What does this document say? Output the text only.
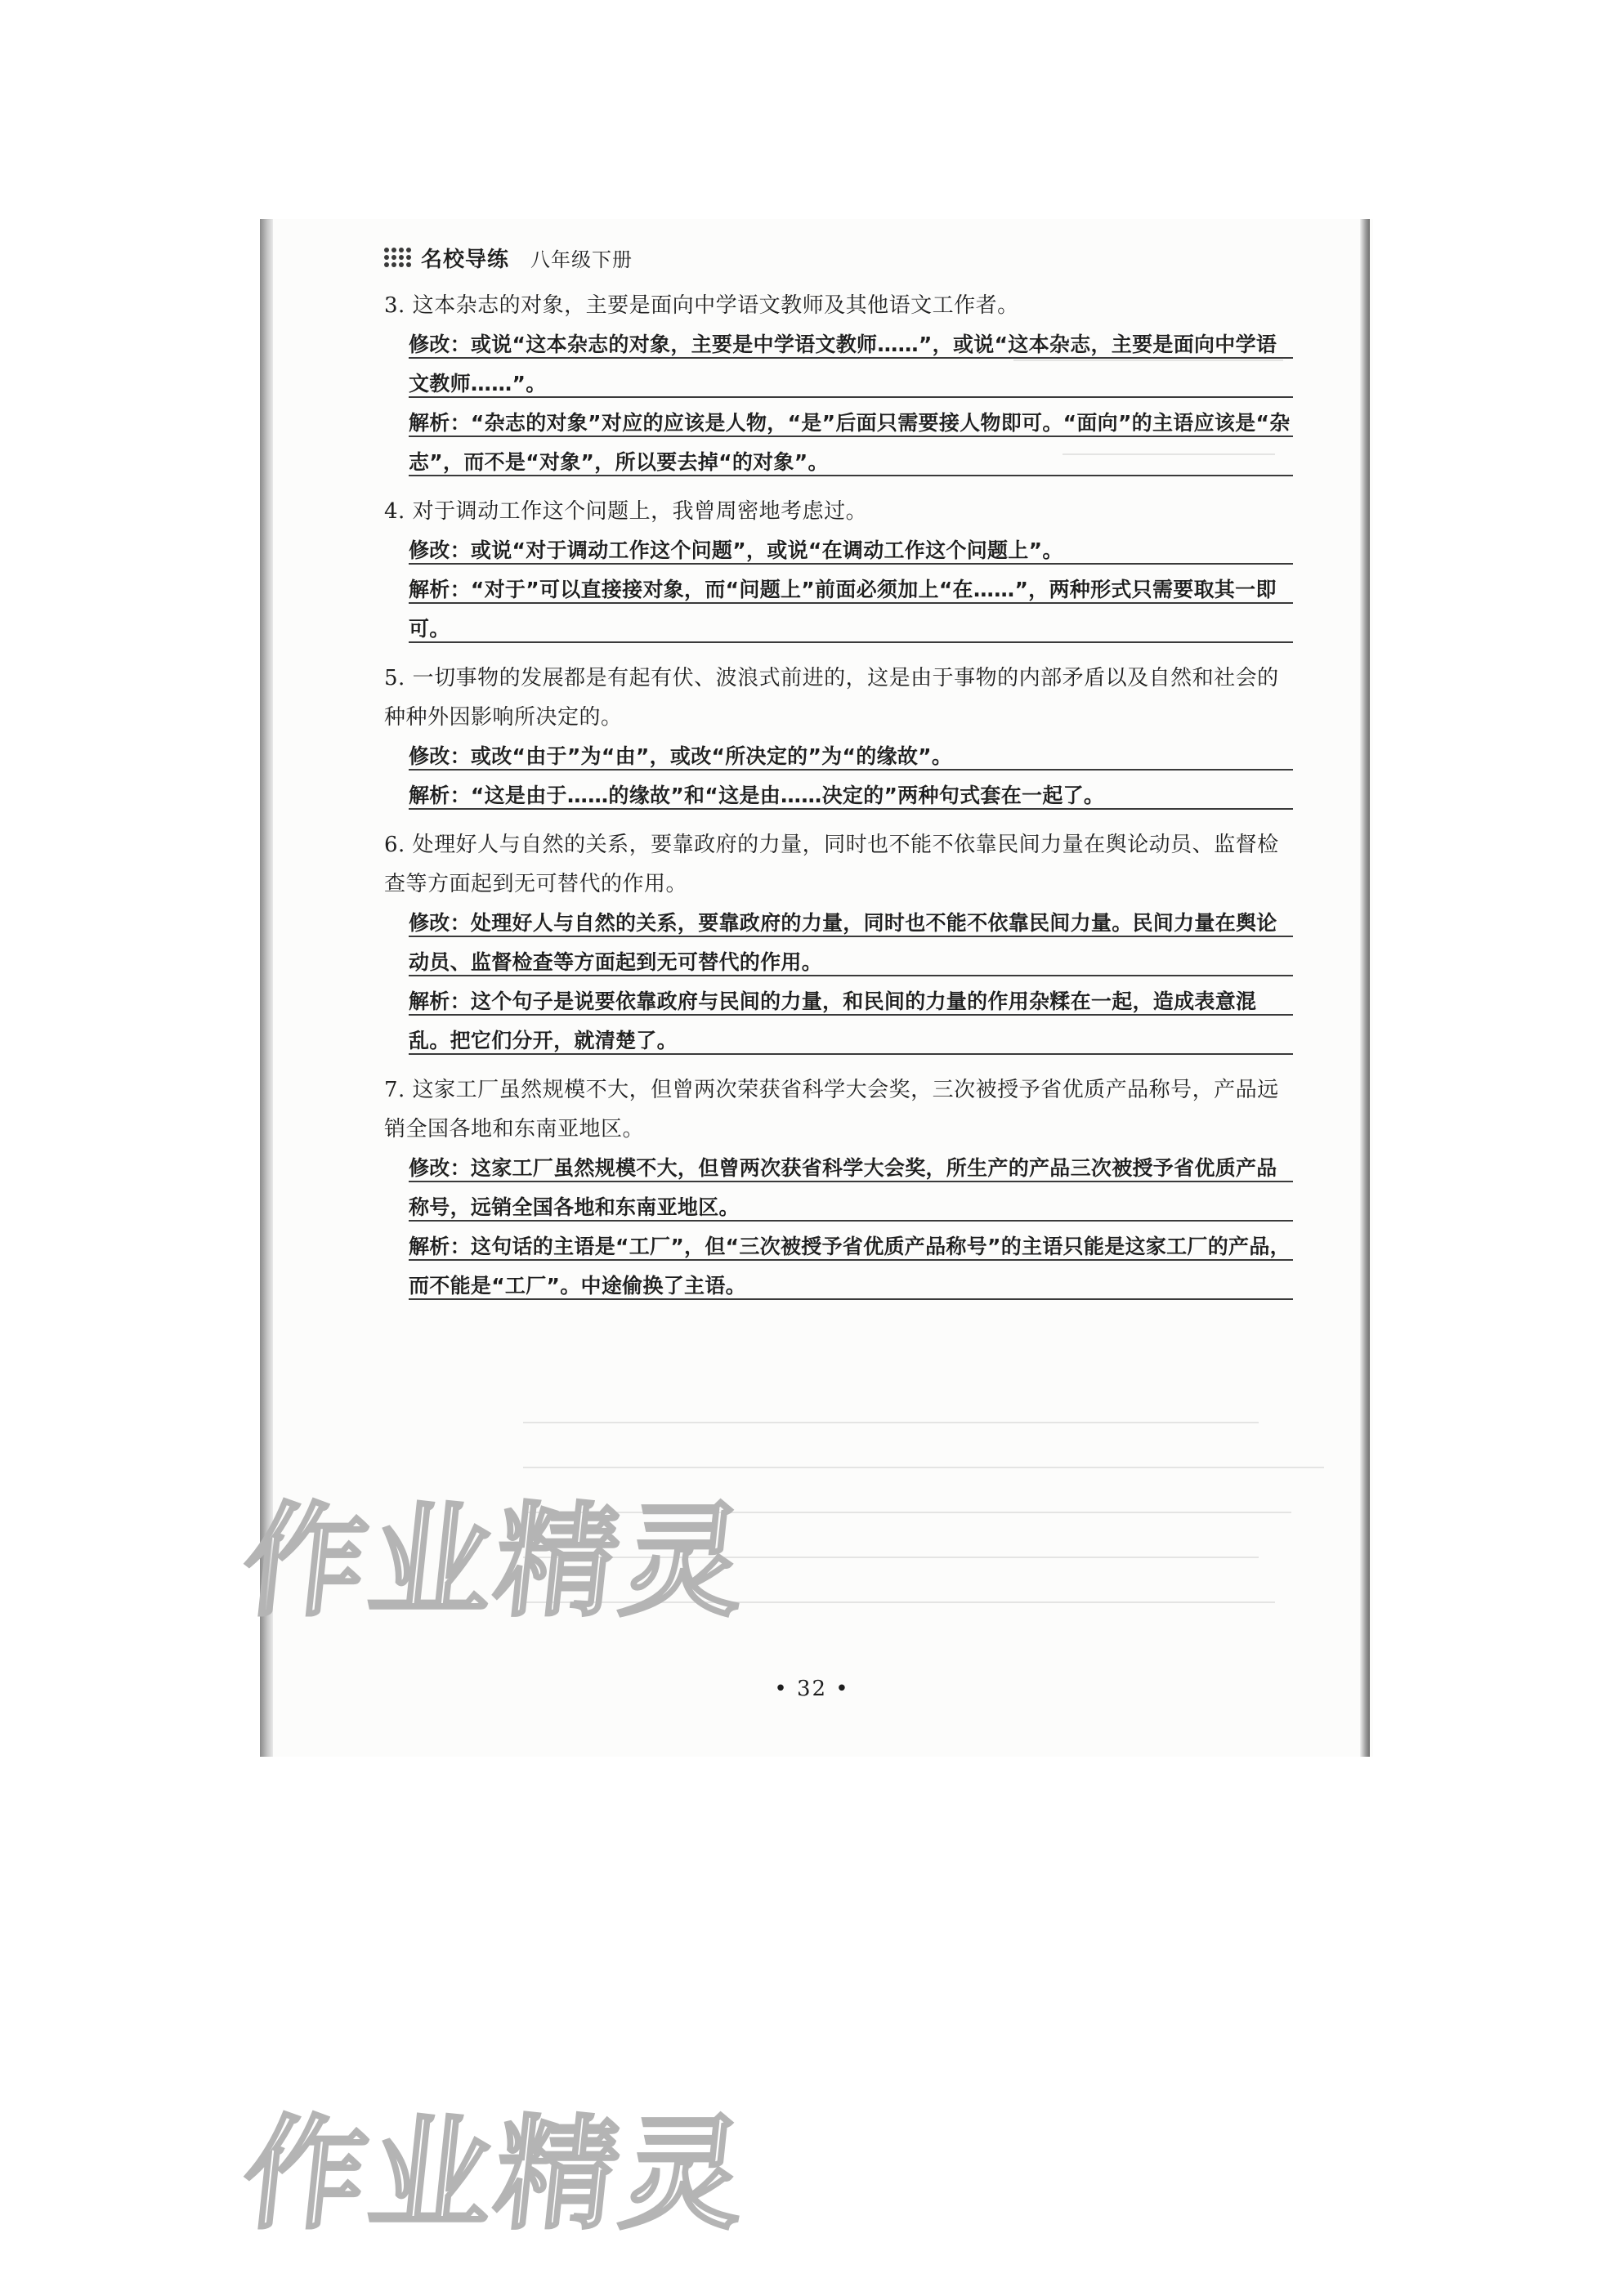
名校导练 八年级下册
3. 这本杂志的对象，主要是面向中学语文教师及其他语文工作者。
修改：或说“这本杂志的对象，主要是中学语文教师……”，或说“这本杂志，主要是面向中学语文教师……”。
解析：“杂志的对象”对应的应该是人物，“是”后面只需要接人物即可。“面向”的主语应该是“杂志”，而不是“对象”，所以要去掉“的对象”。
4. 对于调动工作这个问题上，我曾周密地考虑过。
修改：或说“对于调动工作这个问题”，或说“在调动工作这个问题上”。
解析：“对于”可以直接接对象，而“问题上”前面必须加上“在……”，两种形式只需要取其一即可。
5. 一切事物的发展都是有起有伏、波浪式前进的，这是由于事物的内部矛盾以及自然和社会的种种外因影响所决定的。
修改：或改“由于”为“由”，或改“所决定的”为“的缘故”。
解析：“这是由于……的缘故”和“这是由……决定的”两种句式套在一起了。
6. 处理好人与自然的关系，要靠政府的力量，同时也不能不依靠民间力量在舆论动员、监督检查等方面起到无可替代的作用。
修改：处理好人与自然的关系，要靠政府的力量，同时也不能不依靠民间力量。民间力量在舆论动员、监督检查等方面起到无可替代的作用。
解析：这个句子是说要依靠政府与民间的力量，和民间的力量的作用杂糅在一起，造成表意混乱。把它们分开，就清楚了。
7. 这家工厂虽然规模不大，但曾两次荣获省科学大会奖，三次被授予省优质产品称号，产品远销全国各地和东南亚地区。
修改：这家工厂虽然规模不大，但曾两次获省科学大会奖，所生产的产品三次被授予省优质产品称号，远销全国各地和东南亚地区。
解析：这句话的主语是“工厂”，但“三次被授予省优质产品称号”的主语只能是这家工厂的产品，而不能是“工厂”。中途偷换了主语。
• 32 •
作业精灵
作业精灵
